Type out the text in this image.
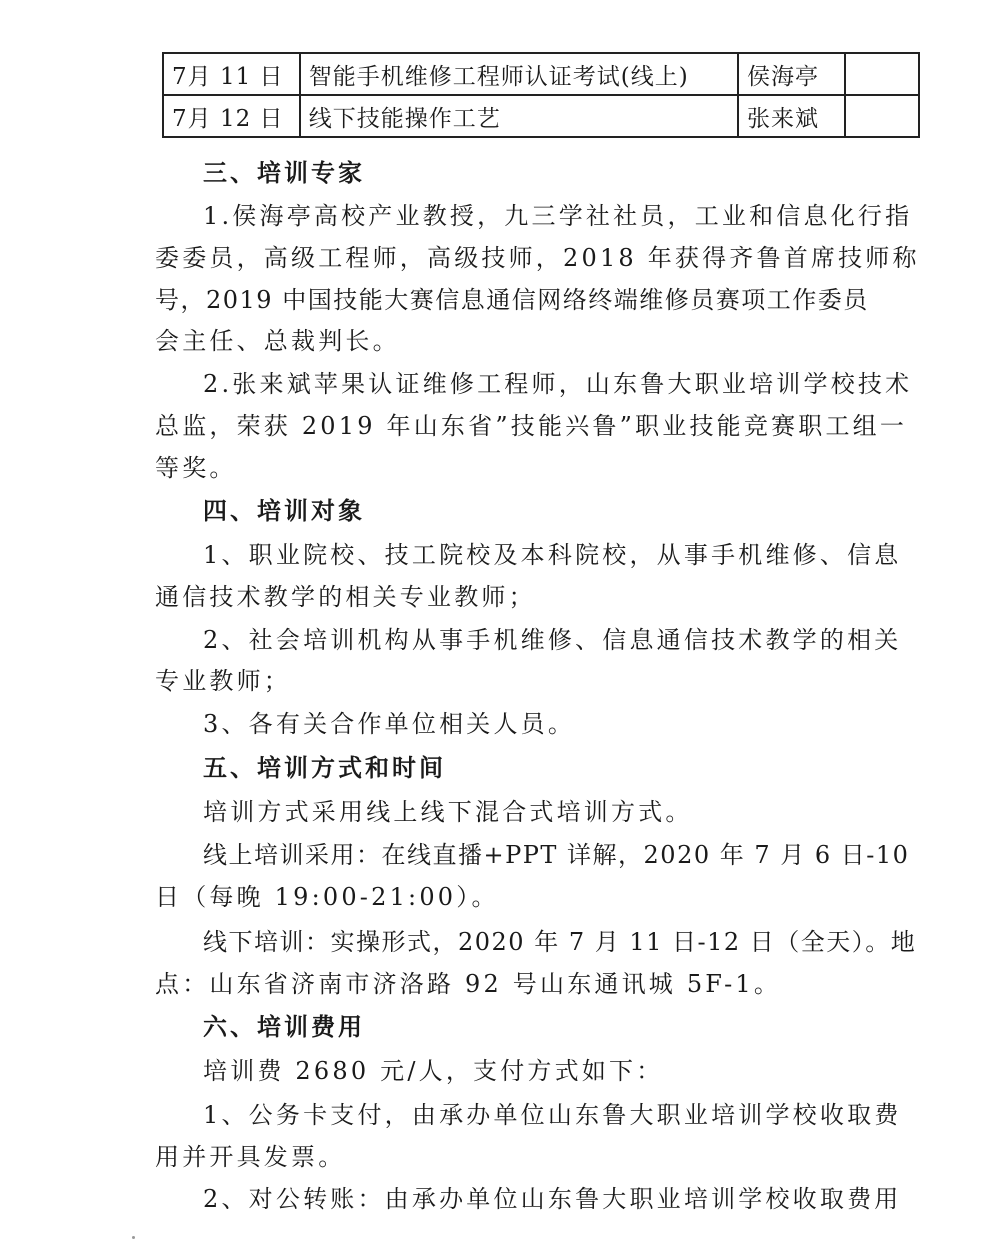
7月 11 日	智能手机维修工程师认证考试(线上)	侯海亭	
7月 12 日	线下技能操作工艺	张来斌	
三、培训专家
1.侯海亭高校产业教授，九三学社社员，工业和信息化行指
委委员，高级工程师，高级技师，2018 年获得齐鲁首席技师称
号，2019 中国技能大赛信息通信网络终端维修员赛项工作委员
会主任、总裁判长。
2.张来斌苹果认证维修工程师，山东鲁大职业培训学校技术
总监，荣获 2019 年山东省”技能兴鲁”职业技能竞赛职工组一
等奖。
四、培训对象
1、职业院校、技工院校及本科院校，从事手机维修、信息
通信技术教学的相关专业教师；
2、社会培训机构从事手机维修、信息通信技术教学的相关
专业教师；
3、各有关合作单位相关人员。
五、培训方式和时间
培训方式采用线上线下混合式培训方式。
线上培训采用：在线直播+PPT 详解，2020 年 7 月 6 日-10
日（每晚 19:00-21:00）。
线下培训：实操形式，2020 年 7 月 11 日-12 日（全天）。地
点：山东省济南市济洛路 92 号山东通讯城 5F-1。
六、培训费用
培训费 2680 元/人，支付方式如下：
1、公务卡支付，由承办单位山东鲁大职业培训学校收取费
用并开具发票。
2、对公转账：由承办单位山东鲁大职业培训学校收取费用
